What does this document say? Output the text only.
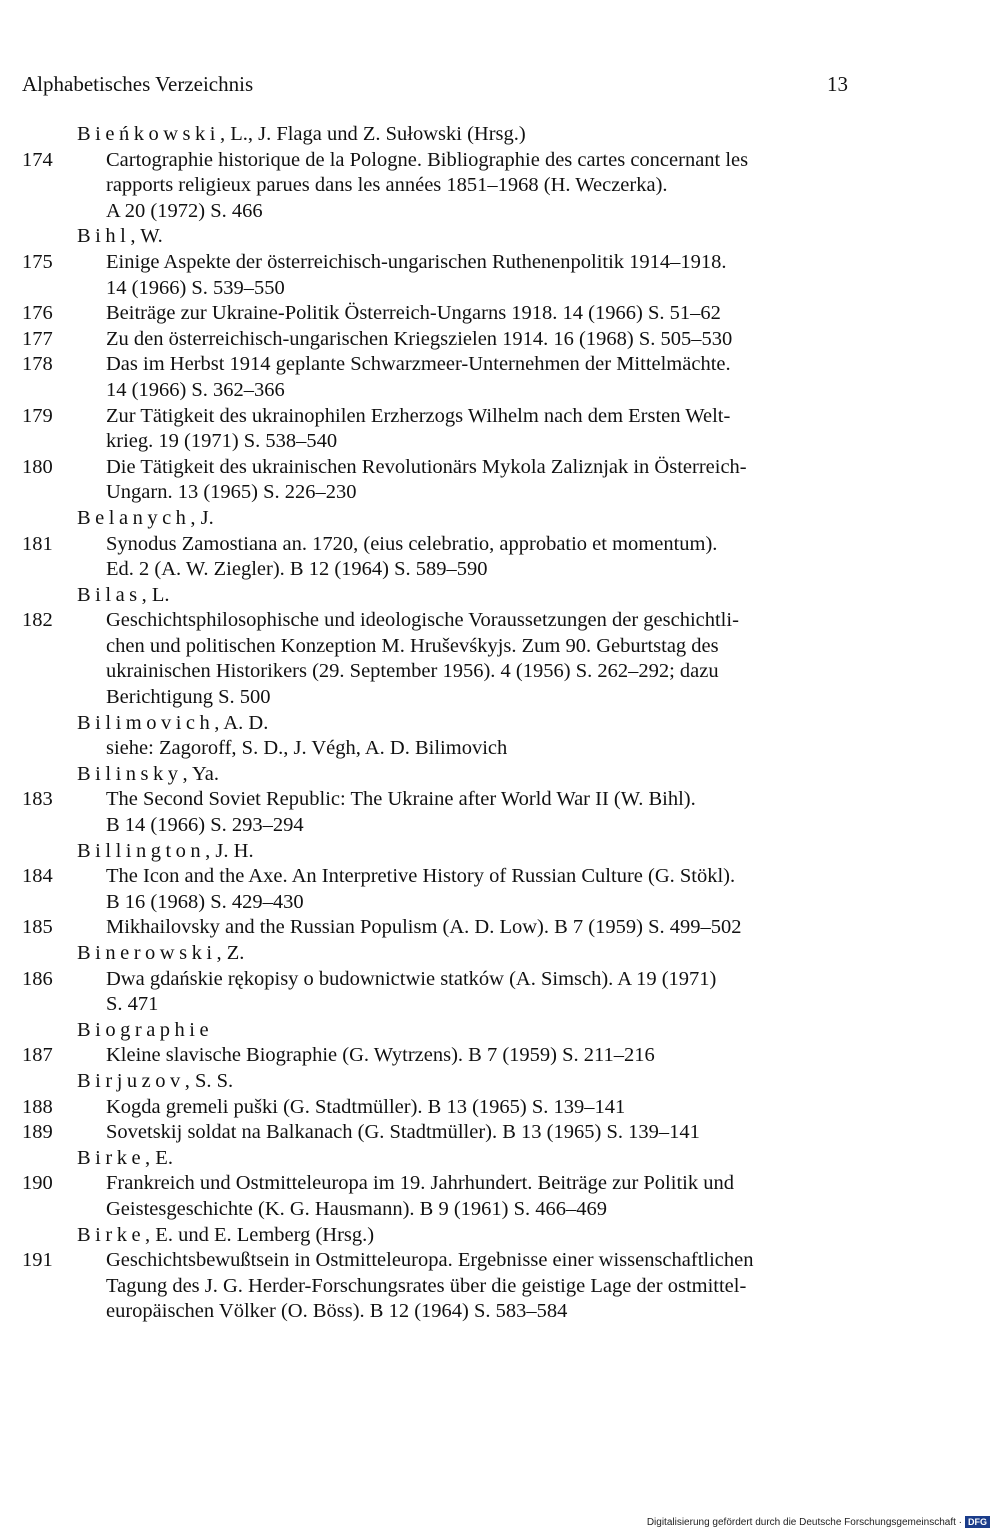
Alphabetisches Verzeichnis	13
Bieńkowski, L., J. Flaga und Z. Sułowski (Hrsg.)
174	Cartographie historique de la Pologne. Bibliographie des cartes concernant les
rapports religieux parues dans les années 1851–1968 (H. Weczerka).
A 20 (1972) S. 466
Bihl, W.
175	Einige Aspekte der österreichisch-ungarischen Ruthenenpolitik 1914–1918.
14 (1966) S. 539–550
176	Beiträge zur Ukraine-Politik Österreich-Ungarns 1918. 14 (1966) S. 51–62
177	Zu den österreichisch-ungarischen Kriegszielen 1914. 16 (1968) S. 505–530
178	Das im Herbst 1914 geplante Schwarzmeer-Unternehmen der Mittelmächte.
14 (1966) S. 362–366
179	Zur Tätigkeit des ukrainophilen Erzherzogs Wilhelm nach dem Ersten Welt-
krieg. 19 (1971) S. 538–540
180	Die Tätigkeit des ukrainischen Revolutionärs Mykola Zaliznjak in Österreich-
Ungarn. 13 (1965) S. 226–230
Belanych, J.
181	Synodus Zamostiana an. 1720, (eius celebratio, approbatio et momentum).
Ed. 2 (A. W. Ziegler). B 12 (1964) S. 589–590
Bilas, L.
182	Geschichtsphilosophische und ideologische Voraussetzungen der geschichtli-
chen und politischen Konzeption M. Hruševśkyjs. Zum 90. Geburtstag des
ukrainischen Historikers (29. September 1956). 4 (1956) S. 262–292; dazu
Berichtigung S. 500
Bilimovich, A. D.
siehe: Zagoroff, S. D., J. Végh, A. D. Bilimovich
Bilinsky, Ya.
183	The Second Soviet Republic: The Ukraine after World War II (W. Bihl).
B 14 (1966) S. 293–294
Billington, J. H.
184	The Icon and the Axe. An Interpretive History of Russian Culture (G. Stökl).
B 16 (1968) S. 429–430
185	Mikhailovsky and the Russian Populism (A. D. Low). B 7 (1959) S. 499–502
Binerowski, Z.
186	Dwa gdańskie rękopisy o budownictwie statków (A. Simsch). A 19 (1971)
S. 471
Biographie
187	Kleine slavische Biographie (G. Wytrzens). B 7 (1959) S. 211–216
Birjuzov, S. S.
188	Kogda gremeli puški (G. Stadtmüller). B 13 (1965) S. 139–141
189	Sovetskij soldat na Balkanach (G. Stadtmüller). B 13 (1965) S. 139–141
Birke, E.
190	Frankreich und Ostmitteleuropa im 19. Jahrhundert. Beiträge zur Politik und
Geistesgeschichte (K. G. Hausmann). B 9 (1961) S. 466–469
Birke, E. und E. Lemberg (Hrsg.)
191	Geschichtsbewußtsein in Ostmitteleuropa. Ergebnisse einer wissenschaftlichen
Tagung des J. G. Herder-Forschungsrates über die geistige Lage der ostmittel-
europäischen Völker (O. Böss). B 12 (1964) S. 583–584
Digitalisierung gefördert durch die Deutsche Forschungsgemeinschaft · DFG
